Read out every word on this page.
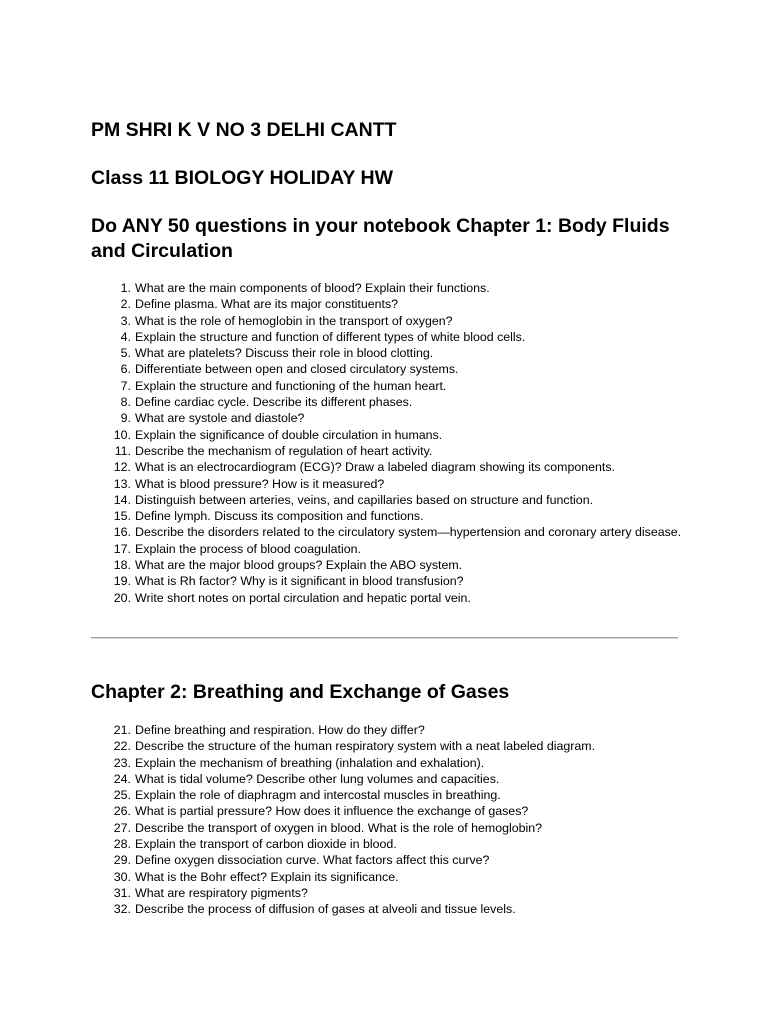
PM SHRI K V NO 3 DELHI CANTT
Class 11 BIOLOGY HOLIDAY HW
Do ANY 50 questions in your notebook Chapter 1: Body Fluids and Circulation
1. What are the main components of blood? Explain their functions.
2. Define plasma. What are its major constituents?
3. What is the role of hemoglobin in the transport of oxygen?
4. Explain the structure and function of different types of white blood cells.
5. What are platelets? Discuss their role in blood clotting.
6. Differentiate between open and closed circulatory systems.
7. Explain the structure and functioning of the human heart.
8. Define cardiac cycle. Describe its different phases.
9. What are systole and diastole?
10. Explain the significance of double circulation in humans.
11. Describe the mechanism of regulation of heart activity.
12. What is an electrocardiogram (ECG)? Draw a labeled diagram showing its components.
13. What is blood pressure? How is it measured?
14. Distinguish between arteries, veins, and capillaries based on structure and function.
15. Define lymph. Discuss its composition and functions.
16. Describe the disorders related to the circulatory system—hypertension and coronary artery disease.
17. Explain the process of blood coagulation.
18. What are the major blood groups? Explain the ABO system.
19. What is Rh factor? Why is it significant in blood transfusion?
20. Write short notes on portal circulation and hepatic portal vein.
Chapter 2: Breathing and Exchange of Gases
21. Define breathing and respiration. How do they differ?
22. Describe the structure of the human respiratory system with a neat labeled diagram.
23. Explain the mechanism of breathing (inhalation and exhalation).
24. What is tidal volume? Describe other lung volumes and capacities.
25. Explain the role of diaphragm and intercostal muscles in breathing.
26. What is partial pressure? How does it influence the exchange of gases?
27. Describe the transport of oxygen in blood. What is the role of hemoglobin?
28. Explain the transport of carbon dioxide in blood.
29. Define oxygen dissociation curve. What factors affect this curve?
30. What is the Bohr effect? Explain its significance.
31. What are respiratory pigments?
32. Describe the process of diffusion of gases at alveoli and tissue levels.
